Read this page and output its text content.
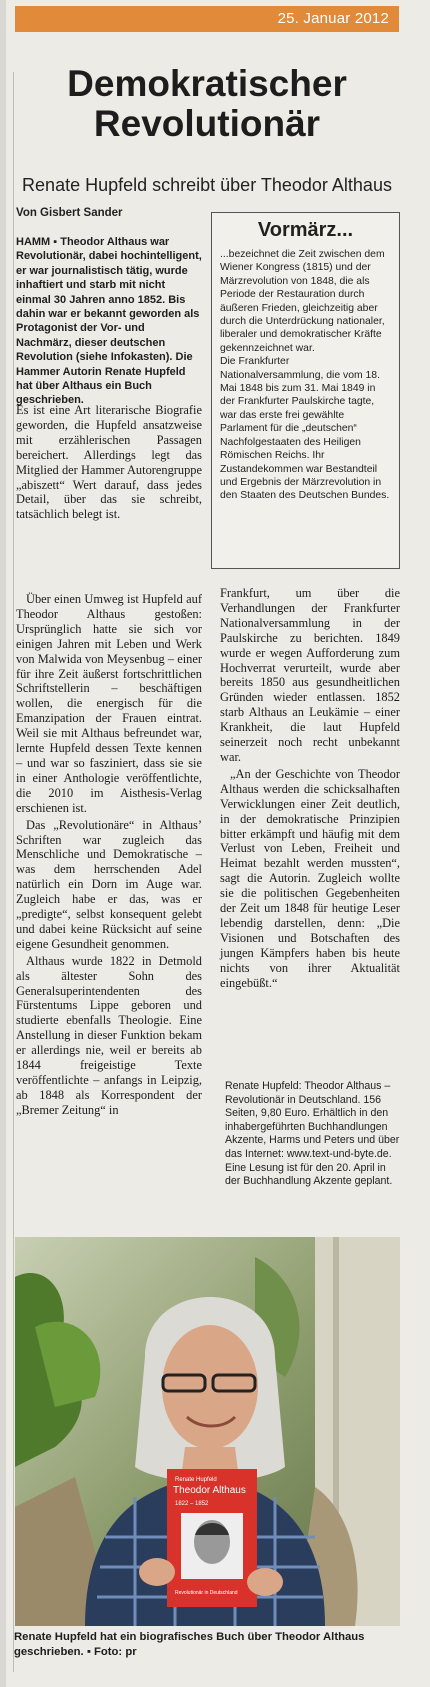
25. Januar 2012
Demokratischer
Revolutionär
Renate Hupfeld schreibt über Theodor Althaus
Von Gisbert Sander
HAMM ▪ Theodor Althaus war Revolutionär, dabei hochintelligent, er war journalistisch tätig, wurde inhaftiert und starb mit nicht einmal 30 Jahren anno 1852. Bis dahin war er bekannt geworden als Protagonist der Vor- und Nachmärz, dieser deutschen Revolution (siehe Infokasten). Die Hammer Autorin Renate Hupfeld hat über Althaus ein Buch geschrieben.

Es ist eine Art literarische Biografie geworden, die Hupfeld ansatzweise mit erzählerischen Passagen bereichert. Allerdings legt das Mitglied der Hammer Autorengruppe „abiszett“ Wert darauf, dass jedes Detail, über das sie schreibt, tatsächlich belegt ist.

Über einen Umweg ist Hupfeld auf Theodor Althaus gestoßen: Ursprünglich hatte sie sich vor einigen Jahren mit Leben und Werk von Malwida von Meysenbug – einer für ihre Zeit äußerst fortschrittlichen Schriftstellerin – beschäftigen wollen, die energisch für die Emanzipation der Frauen eintrat. Weil sie mit Althaus befreundet war, lernte Hupfeld dessen Texte kennen – und war so fasziniert, dass sie sie in einer Anthologie veröffentlichte, die 2010 im Aisthesis-Verlag erschienen ist.

Das „Revolutionäre“ in Althaus’ Schriften war zugleich das Menschliche und Demokratische – was dem herrschenden Adel natürlich ein Dorn im Auge war. Zugleich habe er das, was er „predigte“, selbst konsequent gelebt und dabei keine Rücksicht auf seine eigene Gesundheit genommen.

Althaus wurde 1822 in Detmold als ältester Sohn des Generalsuperintendenten des Fürstentums Lippe geboren und studierte ebenfalls Theologie. Eine Anstellung in dieser Funktion bekam er allerdings nie, weil er bereits ab 1844 freigeistige Texte veröffentlichte – anfangs in Leipzig, ab 1848 als Korrespondent der „Bremer Zeitung“ in

Frankfurt, um über die Verhandlungen der Frankfurter Nationalversammlung in der Paulskirche zu berichten. 1849 wurde er wegen Aufforderung zum Hochverrat verurteilt, wurde aber bereits 1850 aus gesundheitlichen Gründen wieder entlassen. 1852 starb Althaus an Leukämie – einer Krankheit, die laut Hupfeld seinerzeit noch recht unbekannt war.

„An der Geschichte von Theodor Althaus werden die schicksalhaften Verwicklungen einer Zeit deutlich, in der demokratische Prinzipien bitter erkämpft und häufig mit dem Verlust von Leben, Freiheit und Heimat bezahlt werden mussten“, sagt die Autorin. Zugleich wollte sie die politischen Gegebenheiten der Zeit um 1848 für heutige Leser lebendig darstellen, denn: „Die Visionen und Botschaften des jungen Kämpfers haben bis heute nichts von ihrer Aktualität eingebüßt.“

Vormärz...

...bezeichnet die Zeit zwischen dem Wiener Kongress (1815) und der Märzrevolution von 1848, die als Periode der Restauration durch äußeren Frieden, gleichzeitig aber durch die Unterdrückung nationaler, liberaler und demokratischer Kräfte gekennzeichnet war.

Die Frankfurter Nationalversammlung, die vom 18. Mai 1848 bis zum 31. Mai 1849 in der Frankfurter Paulskirche tagte, war das erste frei gewählte Parlament für die „deutschen“ Nachfolgestaaten des Heiligen Römischen Reichs. Ihr Zustandekommen war Bestandteil und Ergebnis der Märzrevolution in den Staaten des Deutschen Bundes.

Renate Hupfeld: Theodor Althaus – Revolutionär in Deutschland. 156 Seiten, 9,80 Euro. Erhältlich in den inhabergeführten Buchhandlungen Akzente, Harms und Peters und über das Internet: www.text-und-byte.de. Eine Lesung ist für den 20. April in der Buchhandlung Akzente geplant.
Renate Hupfeld
Theodor Althaus
1822 – 1852
Revolutionär in Deutschland
Renate Hupfeld hat ein biografisches Buch über Theodor Althaus geschrieben. ▪ Foto: pr
